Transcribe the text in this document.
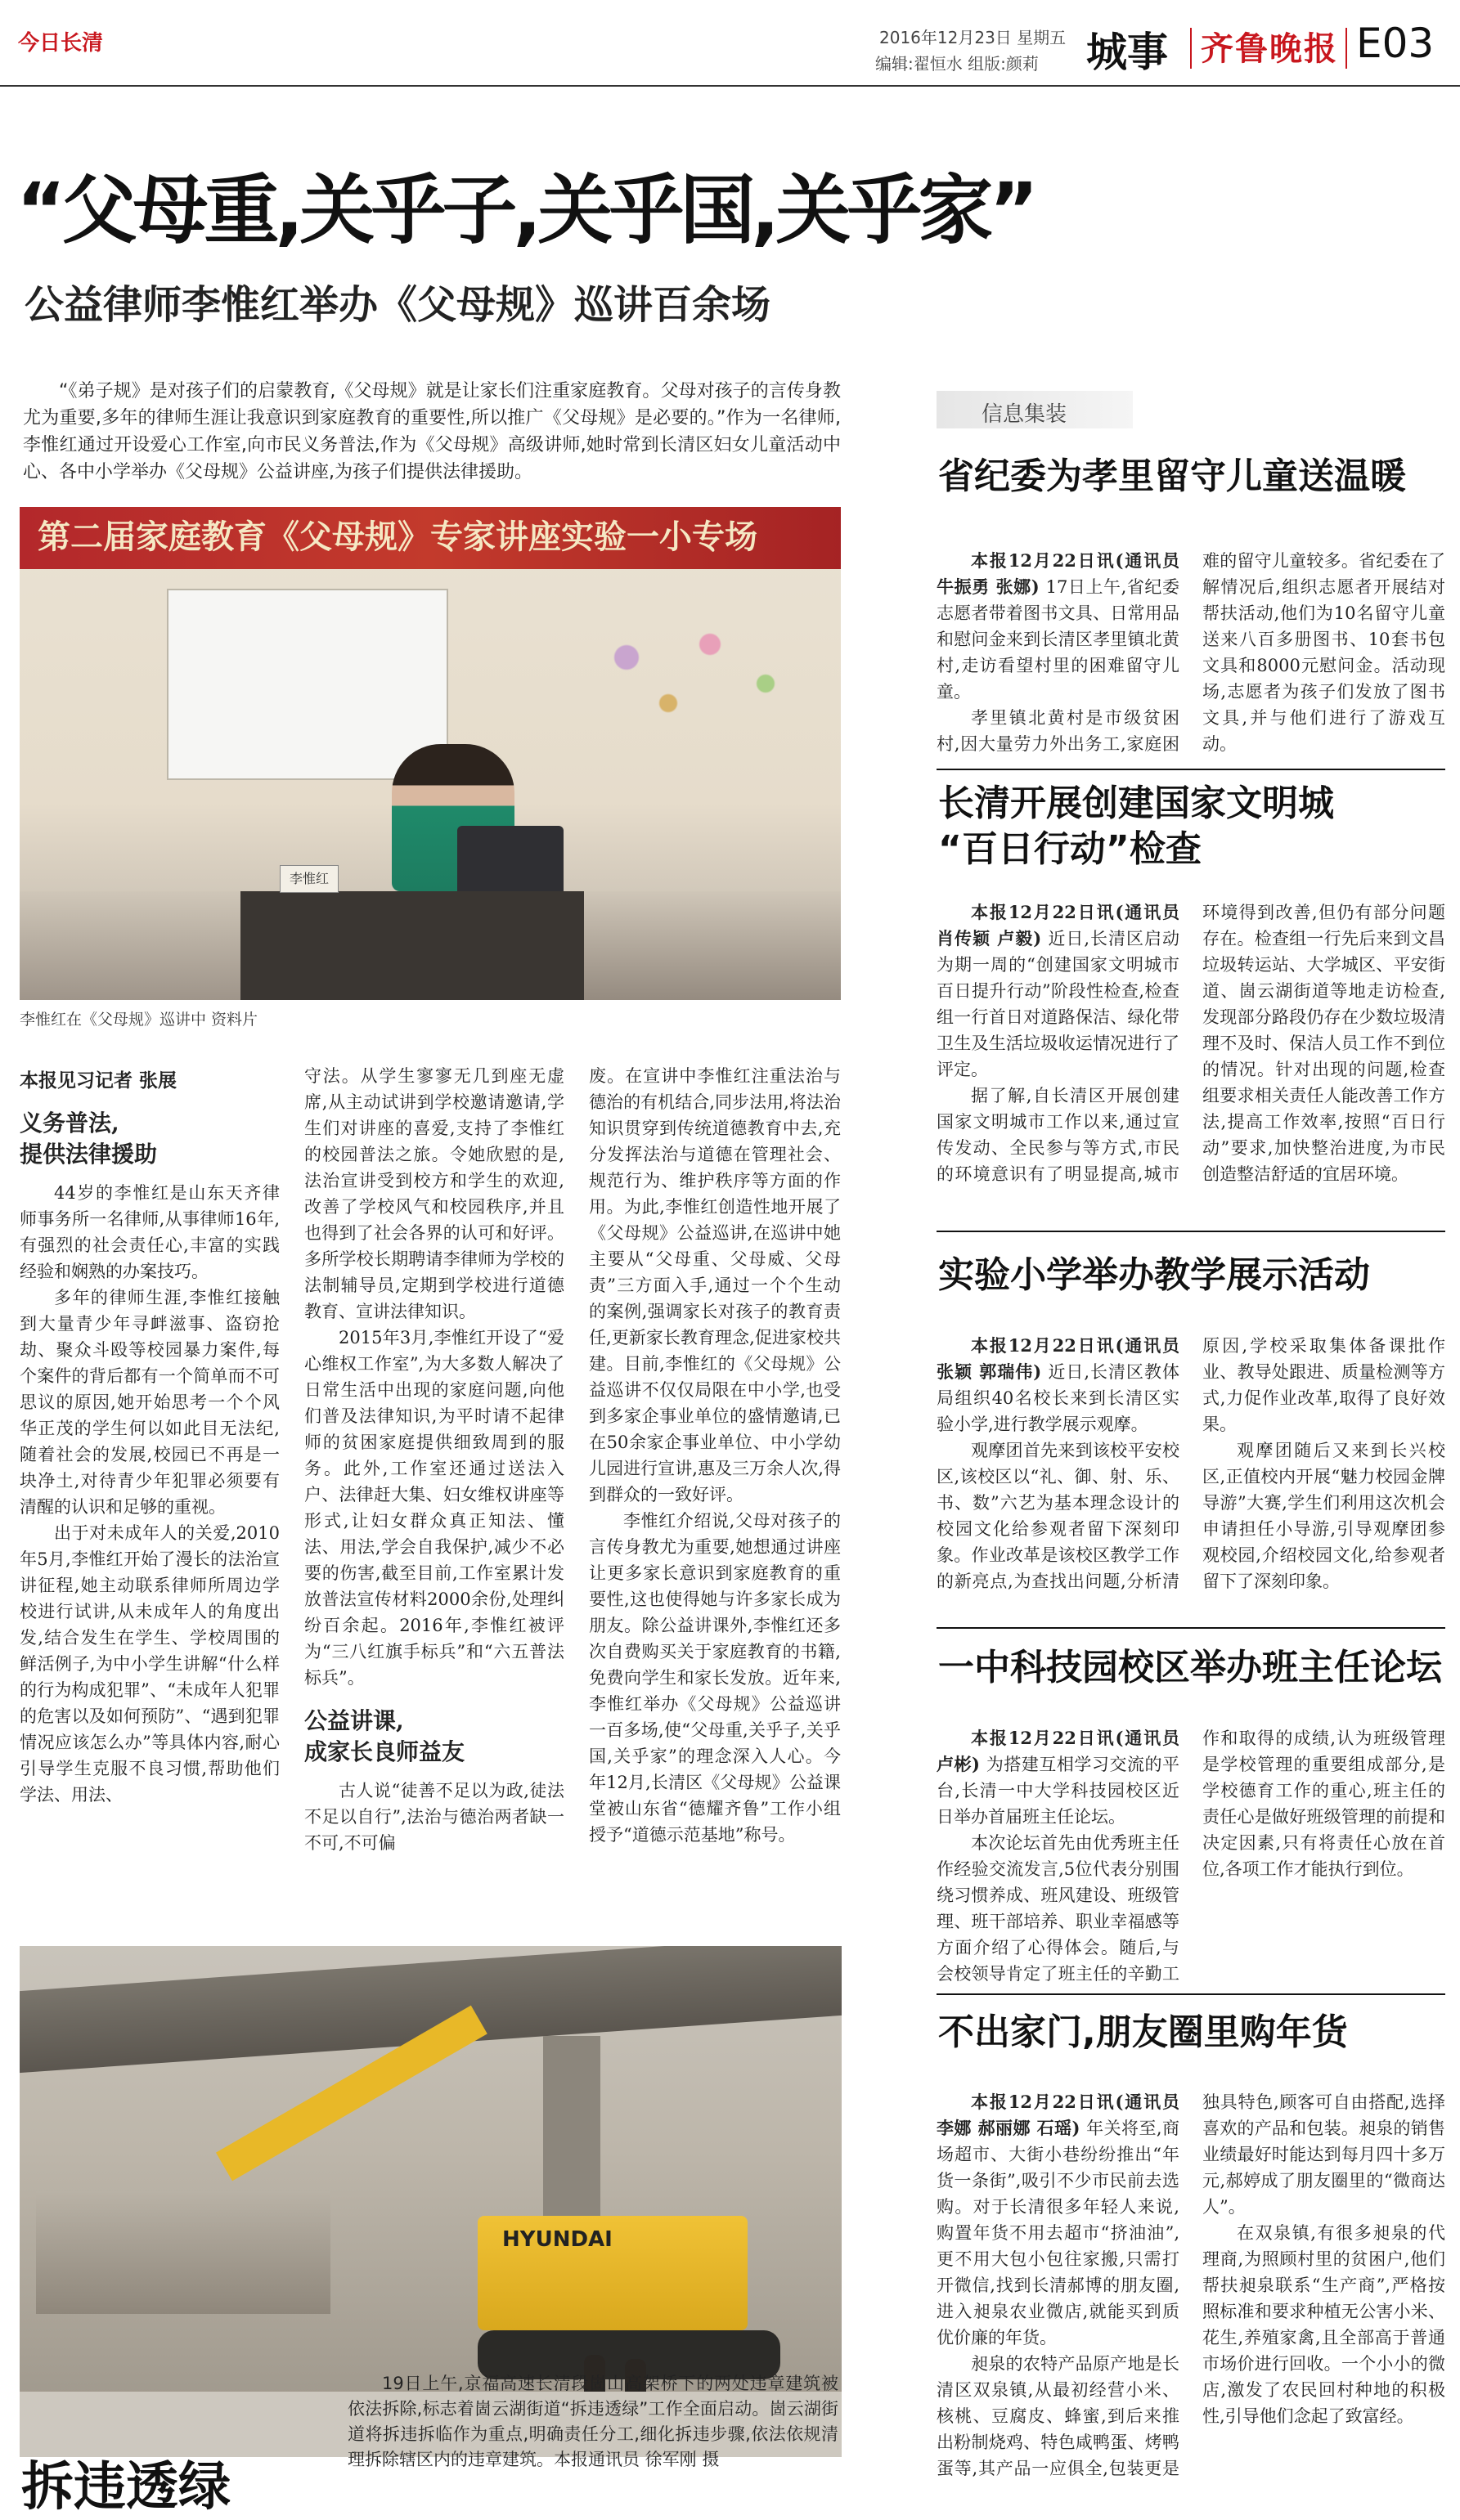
今日长清	2016年12月23日 星期五
编辑:翟恒水 组版:颜莉 城事 齐鲁晚报 E03
“父母重,关乎子,关乎国,关乎家”
公益律师李惟红举办《父母规》巡讲百余场
“《弟子规》是对孩子们的启蒙教育,《父母规》就是让家长们注重家庭教育。父母对孩子的言传身教尤为重要,多年的律师生涯让我意识到家庭教育的重要性,所以推广《父母规》是必要的。”作为一名律师,李惟红通过开设爱心工作室,向市民义务普法,作为《父母规》高级讲师,她时常到长清区妇女儿童活动中心、各中小学举办《父母规》公益讲座,为孩子们提供法律援助。
第二届家庭教育《父母规》专家讲座实验一小专场
李惟红
李惟红在《父母规》巡讲中 资料片
本报见习记者 张展
义务普法,
提供法律援助

44岁的李惟红是山东天齐律师事务所一名律师,从事律师16年,有强烈的社会责任心,丰富的实践经验和娴熟的办案技巧。

多年的律师生涯,李惟红接触到大量青少年寻衅滋事、盗窃抢劫、聚众斗殴等校园暴力案件,每个案件的背后都有一个简单而不可思议的原因,她开始思考一个个风华正茂的学生何以如此目无法纪,随着社会的发展,校园已不再是一块净土,对待青少年犯罪必须要有清醒的认识和足够的重视。

出于对未成年人的关爱,2010年5月,李惟红开始了漫长的法治宣讲征程,她主动联系律师所周边学校进行试讲,从未成年人的角度出发,结合发生在学生、学校周围的鲜活例子,为中小学生讲解“什么样的行为构成犯罪”、“未成年人犯罪的危害以及如何预防”、“遇到犯罪情况应该怎么办”等具体内容,耐心引导学生克服不良习惯,帮助他们学法、用法、

守法。从学生寥寥无几到座无虚席,从主动试讲到学校邀请邀请,学生们对讲座的喜爱,支持了李惟红的校园普法之旅。令她欣慰的是,法治宣讲受到校方和学生的欢迎,改善了学校风气和校园秩序,并且也得到了社会各界的认可和好评。多所学校长期聘请李律师为学校的法制辅导员,定期到学校进行道德教育、宣讲法律知识。

2015年3月,李惟红开设了“爱心维权工作室”,为大多数人解决了日常生活中出现的家庭问题,向他们普及法律知识,为平时请不起律师的贫困家庭提供细致周到的服务。此外,工作室还通过送法入户、法律赶大集、妇女维权讲座等形式,让妇女群众真正知法、懂法、用法,学会自我保护,减少不必要的伤害,截至目前,工作室累计发放普法宣传材料2000余份,处理纠纷百余起。2016年,李惟红被评为“三八红旗手标兵”和“六五普法标兵”。

公益讲课,
成家长良师益友

古人说“徒善不足以为政,徒法不足以自行”,法治与德治两者缺一不可,不可偏

废。在宣讲中李惟红注重法治与德治的有机结合,同步法用,将法治知识贯穿到传统道德教育中去,充分发挥法治与道德在管理社会、规范行为、维护秩序等方面的作用。为此,李惟红创造性地开展了《父母规》公益巡讲,在巡讲中她主要从“父母重、父母威、父母责”三方面入手,通过一个个生动的案例,强调家长对孩子的教育责任,更新家长教育理念,促进家校共建。目前,李惟红的《父母规》公益巡讲不仅仅局限在中小学,也受到多家企事业单位的盛情邀请,已在50余家企事业单位、中小学幼儿园进行宣讲,惠及三万余人次,得到群众的一致好评。

李惟红介绍说,父母对孩子的言传身教尤为重要,她想通过讲座让更多家长意识到家庭教育的重要性,这也使得她与许多家长成为朋友。除公益讲课外,李惟红还多次自费购买关于家庭教育的书籍,免费向学生和家长发放。近年来,李惟红举办《父母规》公益巡讲一百多场,使“父母重,关乎子,关乎国,关乎家”的理念深入人心。今年12月,长清区《父母规》公益课堂被山东省“德耀齐鲁”工作小组授予“道德示范基地”称号。

HYUNDAI
拆违透绿
19日上午,京福高速长清段崮山高架桥下的两处违章建筑被依法拆除,标志着崮云湖街道“拆违透绿”工作全面启动。崮云湖街道将拆违拆临作为重点,明确责任分工,细化拆违步骤,依法依规清理拆除辖区内的违章建筑。本报通讯员 徐军刚 摄
信息集装
省纪委为孝里留守儿童送温暖

本报12月22日讯(通讯员 牛振勇 张娜) 17日上午,省纪委志愿者带着图书文具、日常用品和慰问金来到长清区孝里镇北黄村,走访看望村里的困难留守儿童。

孝里镇北黄村是市级贫困村,因大量劳力外出务工,家庭困难的留守儿童较多。省纪委在了解情况后,组织志愿者开展结对帮扶活动,他们为10名留守儿童送来八百多册图书、10套书包文具和8000元慰问金。活动现场,志愿者为孩子们发放了图书文具,并与他们进行了游戏互动。

长清开展创建国家文明城
“百日行动”检查

本报12月22日讯(通讯员 肖传颖 卢毅) 近日,长清区启动为期一周的“创建国家文明城市百日提升行动”阶段性检查,检查组一行首日对道路保洁、绿化带卫生及生活垃圾收运情况进行了评定。

据了解,自长清区开展创建国家文明城市工作以来,通过宣传发动、全民参与等方式,市民的环境意识有了明显提高,城市环境得到改善,但仍有部分问题存在。检查组一行先后来到文昌垃圾转运站、大学城区、平安街道、崮云湖街道等地走访检查,发现部分路段仍存在少数垃圾清理不及时、保洁人员工作不到位的情况。针对出现的问题,检查组要求相关责任人能改善工作方法,提高工作效率,按照“百日行动”要求,加快整治进度,为市民创造整洁舒适的宜居环境。

实验小学举办教学展示活动

本报12月22日讯(通讯员 张颖 郭瑞伟) 近日,长清区教体局组织40名校长来到长清区实验小学,进行教学展示观摩。

观摩团首先来到该校平安校区,该校区以“礼、御、射、乐、书、数”六艺为基本理念设计的校园文化给参观者留下深刻印象。作业改革是该校区教学工作的新亮点,为查找出问题,分析清原因,学校采取集体备课批作业、教导处跟进、质量检测等方式,力促作业改革,取得了良好效果。

观摩团随后又来到长兴校区,正值校内开展“魅力校园金牌导游”大赛,学生们利用这次机会申请担任小导游,引导观摩团参观校园,介绍校园文化,给参观者留下了深刻印象。

一中科技园校区举办班主任论坛

本报12月22日讯(通讯员 卢彬) 为搭建互相学习交流的平台,长清一中大学科技园校区近日举办首届班主任论坛。

本次论坛首先由优秀班主任作经验交流发言,5位代表分别围绕习惯养成、班风建设、班级管理、班干部培养、职业幸福感等方面介绍了心得体会。随后,与会校领导肯定了班主任的辛勤工作和取得的成绩,认为班级管理是学校管理的重要组成部分,是学校德育工作的重心,班主任的责任心是做好班级管理的前提和决定因素,只有将责任心放在首位,各项工作才能执行到位。

不出家门,朋友圈里购年货

本报12月22日讯(通讯员 李娜 郝丽娜 石瑶) 年关将至,商场超市、大街小巷纷纷推出“年货一条街”,吸引不少市民前去选购。对于长清很多年轻人来说,购置年货不用去超市“挤油油”,更不用大包小包往家搬,只需打开微信,找到长清郝博的朋友圈,进入昶泉农业微店,就能买到质优价廉的年货。

昶泉的农特产品原产地是长清区双泉镇,从最初经营小米、核桃、豆腐皮、蜂蜜,到后来推出粉制烧鸡、特色咸鸭蛋、烤鸭蛋等,其产品一应俱全,包装更是独具特色,顾客可自由搭配,选择喜欢的产品和包装。昶泉的销售业绩最好时能达到每月四十多万元,郝婷成了朋友圈里的“微商达人”。

在双泉镇,有很多昶泉的代理商,为照顾村里的贫困户,他们帮扶昶泉联系“生产商”,严格按照标准和要求种植无公害小米、花生,养殖家禽,且全部高于普通市场价进行回收。一个小小的微店,激发了农民回村种地的积极性,引导他们念起了致富经。
